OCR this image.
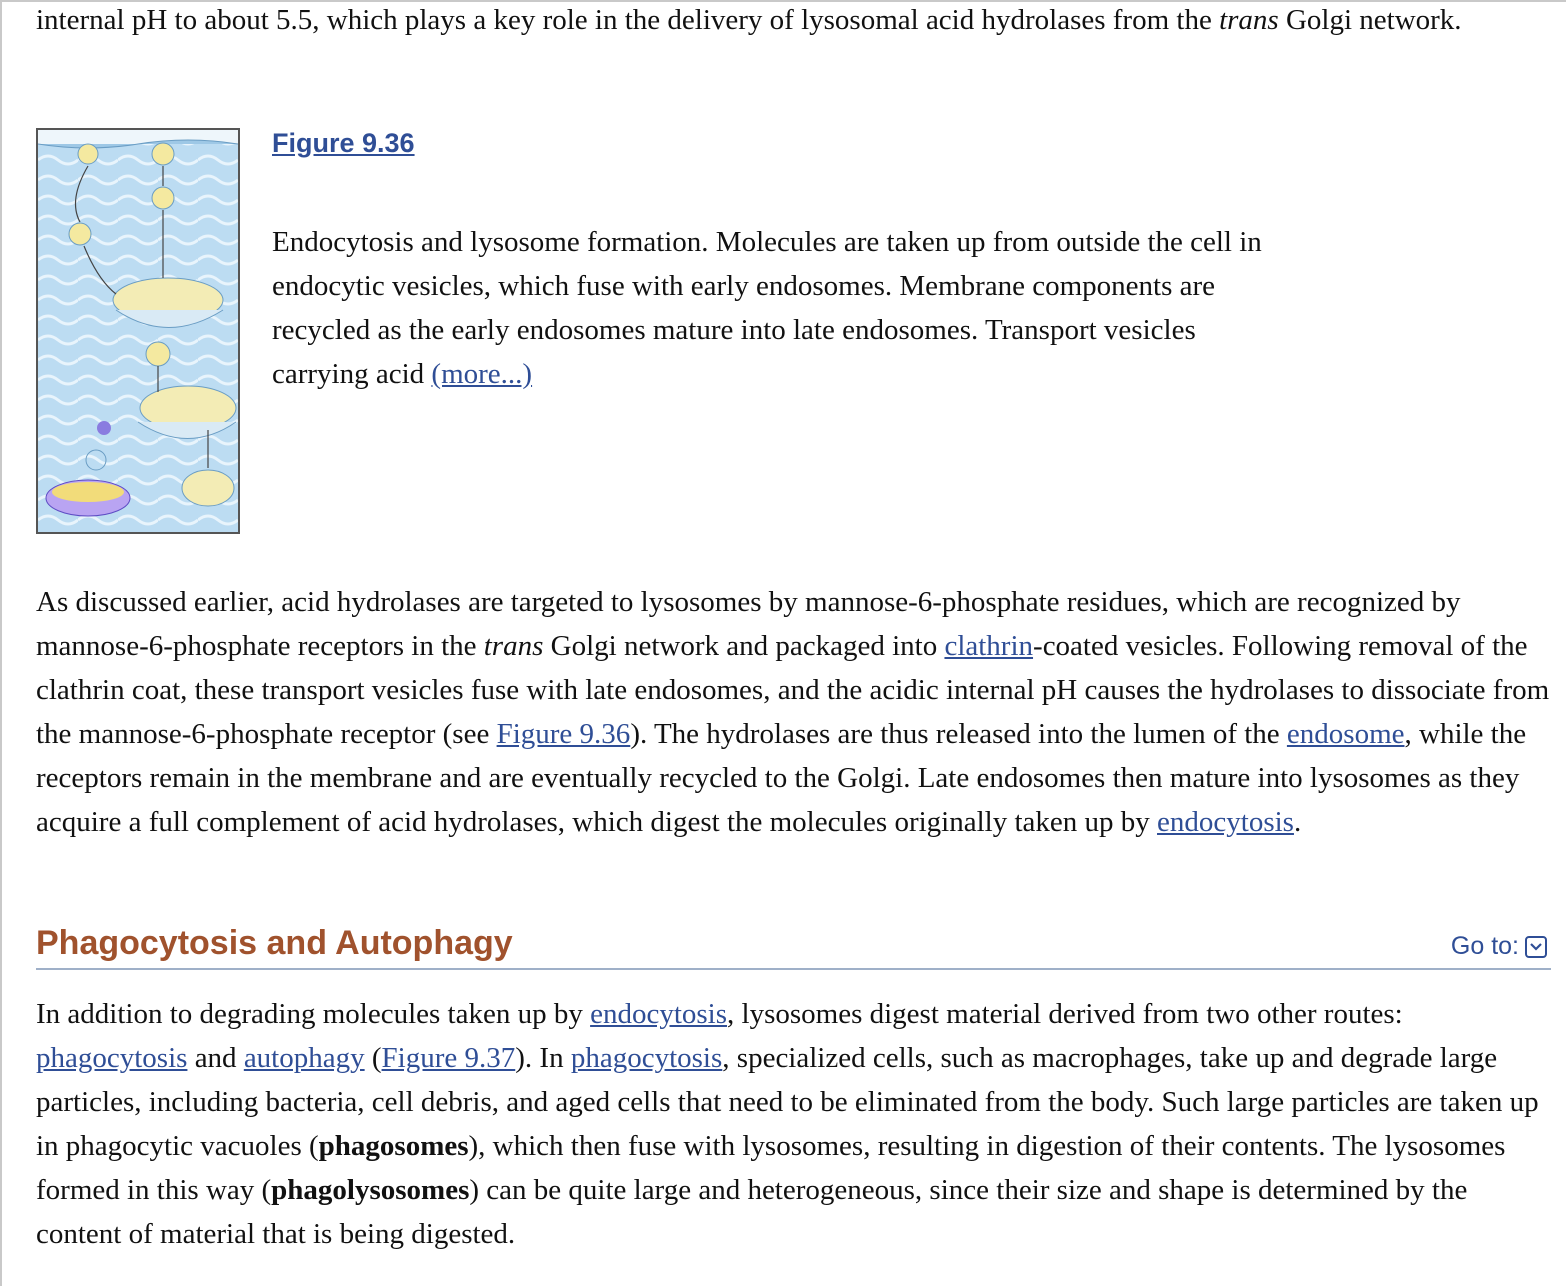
internal pH to about 5.5, which plays a key role in the delivery of lysosomal acid hydrolases from the trans Golgi network.

Figure 9.36

Endocytosis and lysosome formation. Molecules are taken up from outside the cell in endocytic vesicles, which fuse with early endosomes. Membrane components are recycled as the early endosomes mature into late endosomes. Transport vesicles carrying acid (more...)

As discussed earlier, acid hydrolases are targeted to lysosomes by mannose-6-phosphate residues, which are recognized by mannose-6-phosphate receptors in the trans Golgi network and packaged into clathrin-coated vesicles. Following removal of the clathrin coat, these transport vesicles fuse with late endosomes, and the acidic internal pH causes the hydrolases to dissociate from the mannose-6-phosphate receptor (see Figure 9.36). The hydrolases are thus released into the lumen of the endosome, while the receptors remain in the membrane and are eventually recycled to the Golgi. Late endosomes then mature into lysosomes as they acquire a full complement of acid hydrolases, which digest the molecules originally taken up by endocytosis.

Phagocytosis and Autophagy	Go to:

In addition to degrading molecules taken up by endocytosis, lysosomes digest material derived from two other routes: phagocytosis and autophagy (Figure 9.37). In phagocytosis, specialized cells, such as macrophages, take up and degrade large particles, including bacteria, cell debris, and aged cells that need to be eliminated from the body. Such large particles are taken up in phagocytic vacuoles (phagosomes), which then fuse with lysosomes, resulting in digestion of their contents. The lysosomes formed in this way (phagolysosomes) can be quite large and heterogeneous, since their size and shape is determined by the content of material that is being digested.
